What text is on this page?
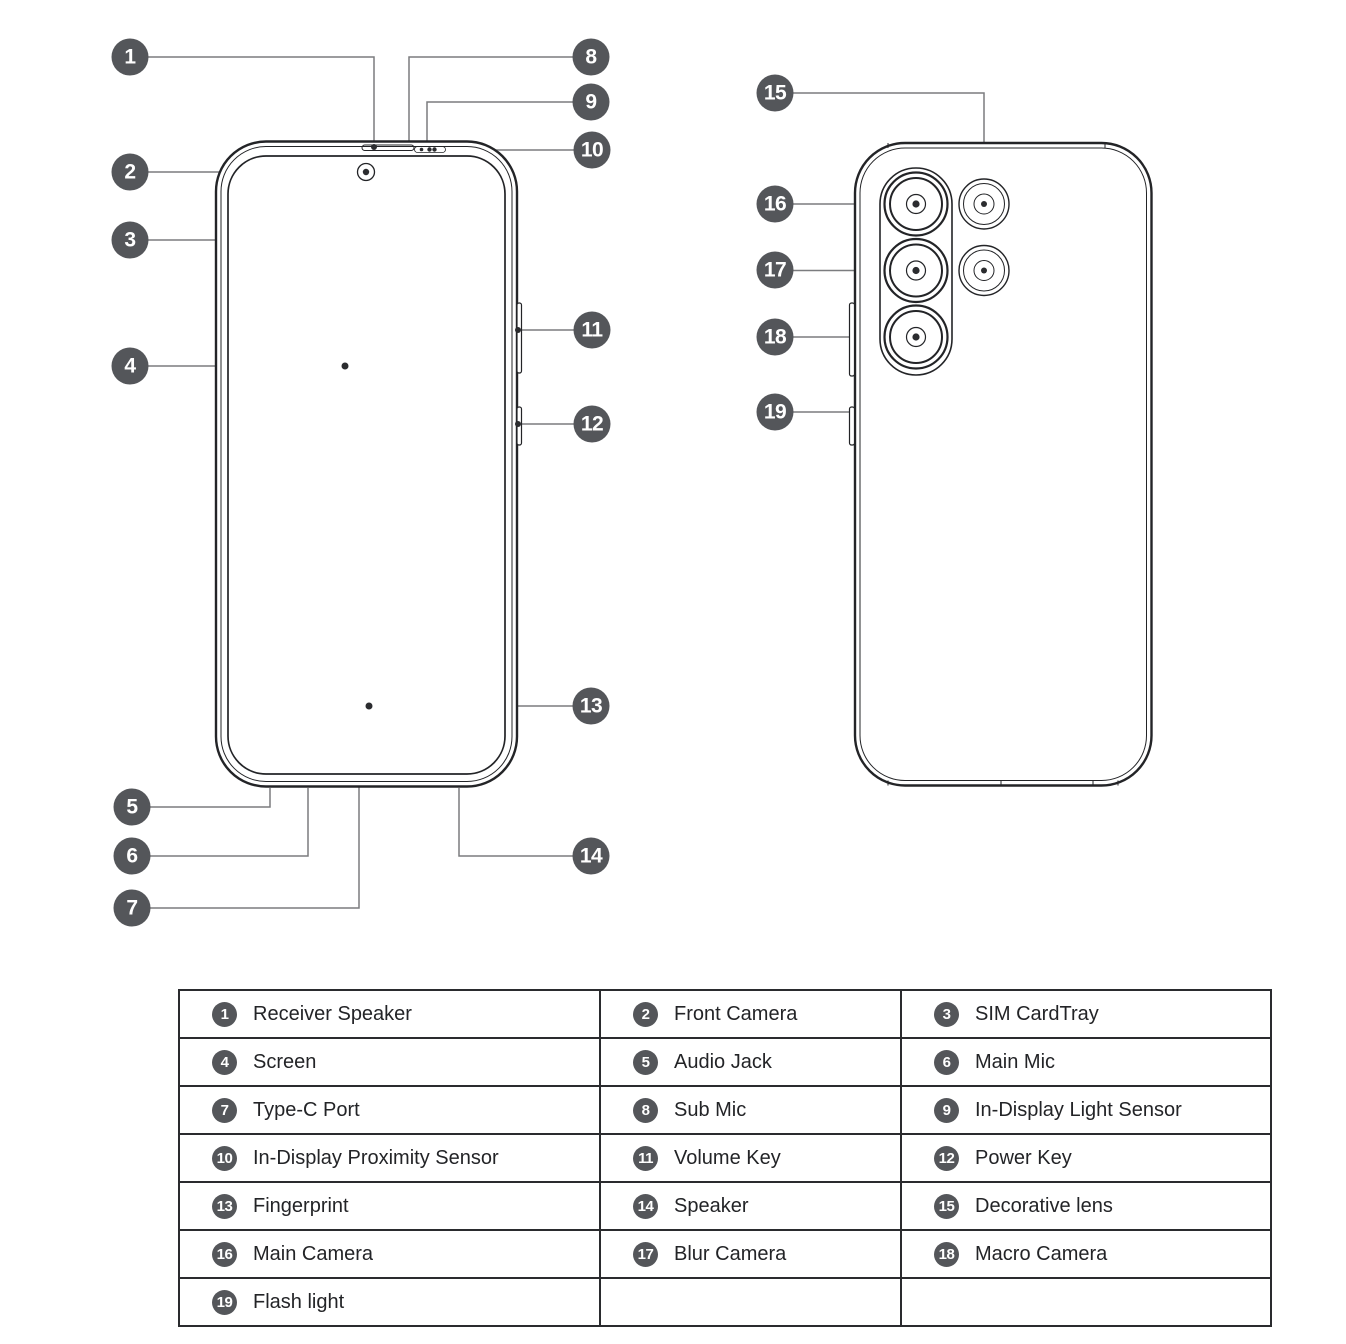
1
2
3
4
5
6
7
8
9
10
11
12
13
14
15
16
17
18
19
1 Receiver Speaker	2 Front Camera	3 SIM CardTray

4 Screen	5 Audio Jack	6 Main Mic

7 Type-C Port	8 Sub Mic	9 In-Display Light Sensor

10 In-Display Proximity Sensor	11 Volume Key	12 Power Key

13 Fingerprint	14 Speaker	15 Decorative lens

16 Main Camera	17 Blur Camera	18 Macro Camera

19 Flash light		
